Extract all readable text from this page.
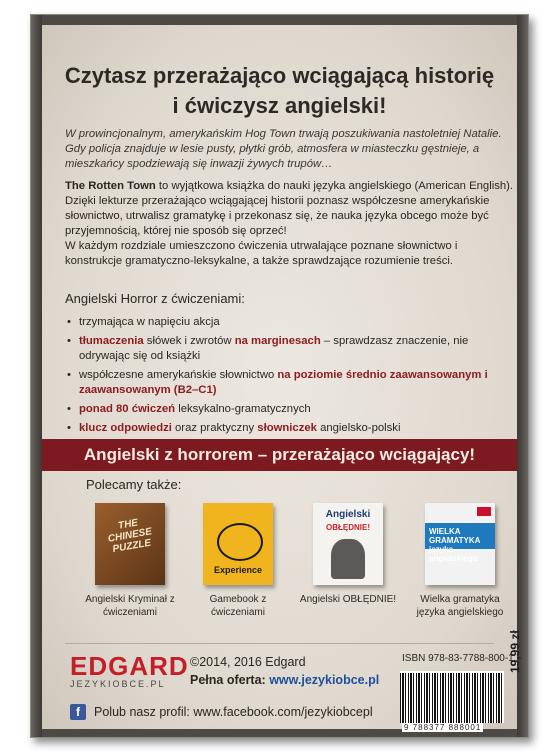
Czytasz przerażająco wciągającą historię
i ćwiczysz angielski!
W prowincjonalnym, amerykańskim Hog Town trwają poszukiwania nastoletniej Natalie. Gdy policja znajduje w lesie pusty, płytki grób, atmosfera w miasteczku gęstnieje, a mieszkańcy spodziewają się inwazji żywych trupów…
The Rotten Town to wyjątkowa książka do nauki języka angielskiego (American English). Dzięki lekturze przerażająco wciągającej historii poznasz współczesne amerykańskie słownictwo, utrwalisz gramatykę i przekonasz się, że nauka języka obcego może być przyjemnością, której nie sposób się oprzeć!
W każdym rozdziale umieszczono ćwiczenia utrwalające poznane słownictwo i konstrukcje gramatyczno-leksykalne, a także sprawdzające rozumienie treści.
Angielski Horror z ćwiczeniami:
• trzymająca w napięciu akcja
• tłumaczenia słówek i zwrotów na marginesach – sprawdzasz znaczenie, nie odrywając się od książki
• współczesne amerykańskie słownictwo na poziomie średnio zaawansowanym i zaawansowanym (B2–C1)
• ponad 80 ćwiczeń leksykalno-gramatycznych
• klucz odpowiedzi oraz praktyczny słowniczek angielsko-polski
Angielski z horrorem – przerażająco wciągający!
Polecamy także:
THE CHINESE PUZZLE
Angielski Kryminał z ćwiczeniami
Experience
Gamebook z ćwiczeniami
Angielski
OBŁĘDNIE!
Angielski OBŁĘDNIE!
WIELKA GRAMATYKA języka angielskiego
Wielka gramatyka języka angielskiego
EDGARD
JEZYKIOBCE.PL
©2014, 2016 Edgard
Pełna oferta: www.jezykiobce.pl
f	Polub nasz profil: www.facebook.com/jezykiobcepl
ISBN 978-83-7788-800-1
9 788377 888001
19,99 zł
